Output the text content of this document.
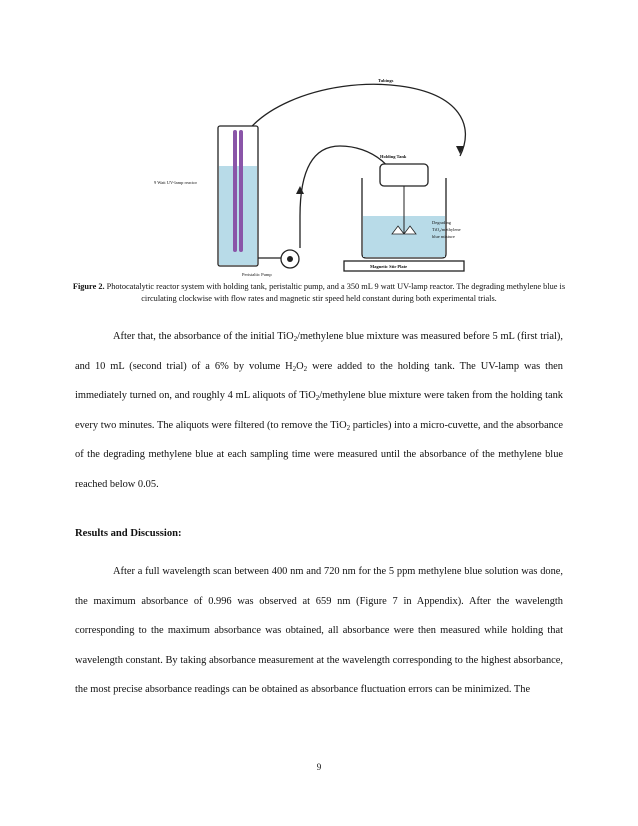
Tubings
Holding Tank
9 Watt UV-lamp reactor
Peristaltic Pump
Magnetic Stir Plate
Degrading
TiO₂/methylene
blue mixture
Figure 2. Photocatalytic reactor system with holding tank, peristaltic pump, and a 350 mL 9 watt UV-lamp reactor. The degrading methylene blue is circulating clockwise with flow rates and magnetic stir speed held constant during both experimental trials.
After that, the absorbance of the initial TiO$_2$/methylene blue mixture was measured before 5 mL (first trial), and 10 mL (second trial) of a 6% by volume $H_2O_2$ were added to the holding tank. The UV-lamp was then immediately turned on, and roughly 4 mL aliquots of TiO$_2$/methylene blue mixture were taken from the holding tank every two minutes. The aliquots were filtered (to remove the TiO$_2$ particles) into a micro-cuvette, and the absorbance of the degrading methylene blue at each sampling time were measured until the absorbance of the methylene blue reached below 0.05.
Results and Discussion:
After a full wavelength scan between 400 nm and 720 nm for the 5 ppm methylene blue solution was done, the maximum absorbance of 0.996 was observed at 659 nm (Figure 7 in Appendix). After the wavelength corresponding to the maximum absorbance was obtained, all absorbance were then measured while holding that wavelength constant. By taking absorbance measurement at the wavelength corresponding to the highest absorbance, the most precise absorbance readings can be obtained as absorbance fluctuation errors can be minimized. The
9
